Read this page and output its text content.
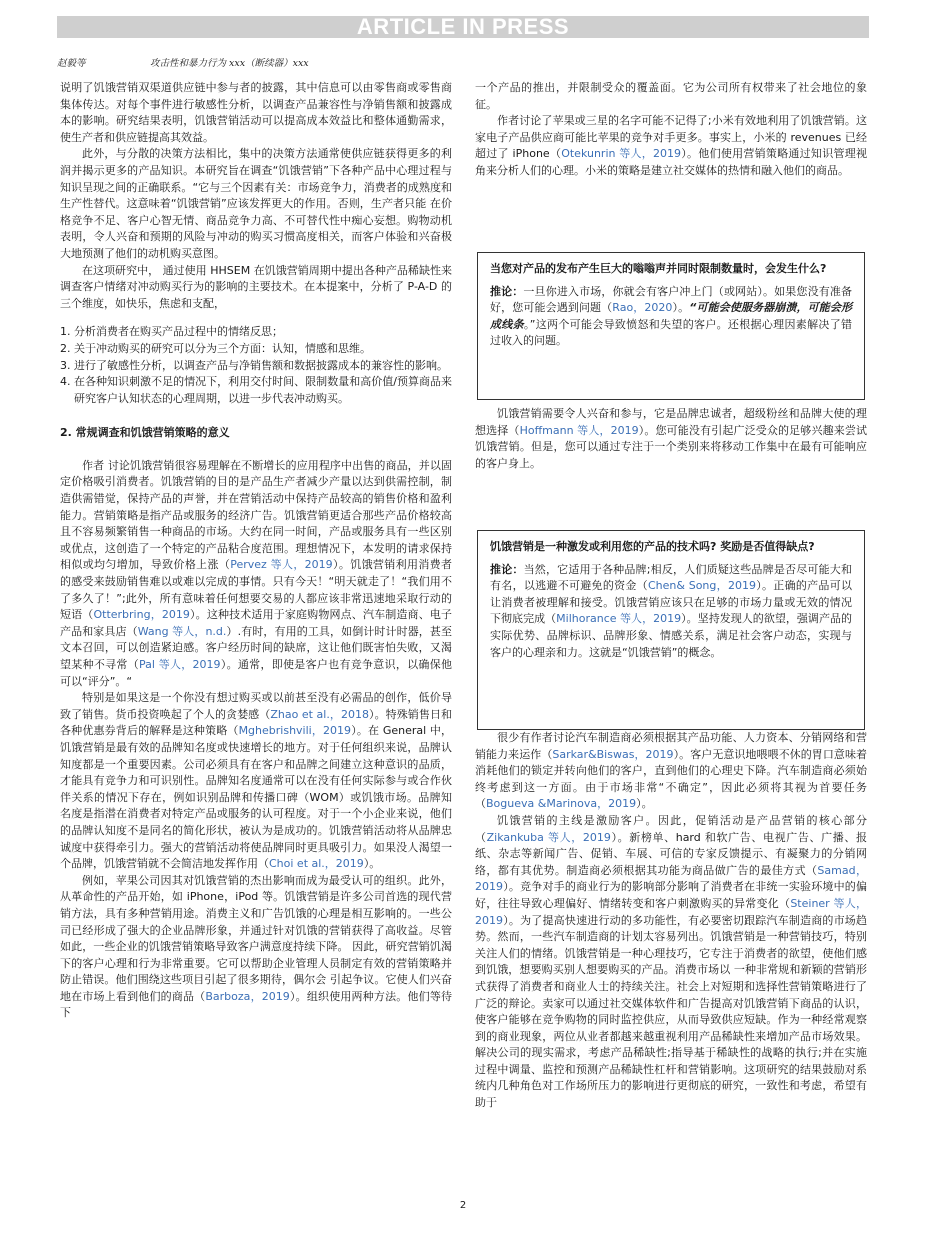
ARTICLE IN PRESS
赵毅等	攻击性和暴力行为 xxx（断续器）xxx

说明了饥饿营销双渠道供应链中参与者的披露，其中信息可以由零售商或零售商集体传达。对每个事件进行敏感性分析，以调查产品兼容性与净销售额和披露成本的影响。研究结果表明，饥饿营销活动可以提高成本效益比和整体通勤需求，使生产者和供应链提高其效益。

此外，与分散的决策方法相比，集中的决策方法通常使供应链获得更多的利润并揭示更多的产品知识。本研究旨在调查“饥饿营销”下各种产品中心理过程与知识呈现之间的正确联系。“它与三个因素有关：市场竞争力，消费者的成熟度和生产性替代。这意味着“饥饿营销”应该发挥更大的作用。否则，生产者只能 在价格竞争不足、客户心智无情、商品竞争力高、不可替代性中痴心妄想。购物动机表明，令人兴奋和预期的风险与冲动的购买习惯高度相关，而客户体验和兴奋极大地预测了他们的动机购买意图。

在这项研究中， 通过使用 HHSEM 在饥饿营销周期中提出各种产品稀缺性来调查客户情绪对冲动购买行为的影响的主要技术。在本提案中，分析了 P-A-D 的三个维度，如快乐，焦虑和支配，

1. 分析消费者在购买产品过程中的情绪反思；
2. 关于冲动购买的研究可以分为三个方面：认知，情感和思维。
3. 进行了敏感性分析，以调查产品与净销售额和数据披露成本的兼容性的影响。
4. 在各种知识刺激不足的情况下，利用交付时间、限制数量和高价值/预算商品来研究客户认知状态的心理周期，以进一步代表冲动购买。
2. 常规调查和饥饿营销策略的意义

作者 讨论饥饿营销很容易理解在不断增长的应用程序中出售的商品，并以固定价格吸引消费者。饥饿营销的目的是产品生产者减少产量以达到供需控制，制造供需错觉，保持产品的声誉，并在营销活动中保持产品较高的销售价格和盈利能力。营销策略是指产品或服务的经济广告。饥饿营销更适合那些产品价格较高且不容易频繁销售一种商品的市场。大约在同一时间，产品或服务具有一些区别或优点，这创造了一个特定的产品粘合度范围。理想情况下，本发明的请求保持相似或均匀增加，导致价格上涨（Pervez 等人，2019）。饥饿营销利用消费者的感受来鼓励销售难以或难以完成的事情。只有今天！“明天就走了！“我们用不了多久了！”;此外，所有意味着任何想要交易的人都应该非常迅速地采取行动的短语（Otterbring，2019）。这种技术适用于家庭购物网点、汽车制造商、电子产品和家具店（Wang 等人，n.d.）.有时，有用的工具，如倒计时计时器，甚至文本召回，可以创造紧迫感。客户经历时间的缺席，这让他们既害怕失败，又渴望某种不寻常（Pal 等人，2019）。通常，即使是客户也有竞争意识，以确保他可以“评分”。“

特别是如果这是一个你没有想过购买或以前甚至没有必需品的创作，低价导致了销售。货币投资唤起了个人的贪婪感（Zhao et al.，2018）。特殊销售日和各种优惠券背后的解释是这种策略（Mghebrishvili，2019）。在 General 中，饥饿营销是最有效的品牌知名度或快速增长的地方。对于任何组织来说，品牌认知度都是一个重要因素。公司必须具有在客户和品牌之间建立这种意识的品质，才能具有竞争力和可识别性。品牌知名度通常可以在没有任何实际参与或合作伙伴关系的情况下存在，例如识别品牌和传播口碑（WOM）或饥饿市场。品牌知名度是指潜在消费者对特定产品或服务的认可程度。对于一个小企业来说，他们的品牌认知度不是同名的简化形状，被认为是成功的。饥饿营销活动将从品牌忠诚度中获得牵引力。强大的营销活动将使品牌同时更具吸引力。如果没人渴望一个品牌，饥饿营销就不会简洁地发挥作用（Choi et al.，2019）。

例如，苹果公司因其对饥饿营销的杰出影响而成为最受认可的组织。此外，从革命性的产品开始，如 iPhone，iPod 等。饥饿营销是许多公司首选的现代营销方法，具有多种营销用途。消费主义和广告饥饿的心理是相互影响的。一些公司已经形成了强大的企业品牌形象，并通过针对饥饿的营销获得了高收益。尽管如此，一些企业的饥饿营销策略导致客户满意度持续下降。 因此，研究营销饥渴下的客户心理和行为非常重要。它可以帮助企业管理人员制定有效的营销策略并防止错误。他们围绕这些项目引起了很多期待，偶尔会 引起争议。它使人们兴奋地在市场上看到他们的商品（Barboza，2019）。组织使用两种方法。他们等待下

一个产品的推出，并限制受众的覆盖面。它为公司所有权带来了社会地位的象征。

作者讨论了苹果或三星的名字可能不记得了;小米有效地利用了饥饿营销。这家电子产品供应商可能比苹果的竞争对手更多。事实上，小米的 revenues 已经超过了 iPhone（Otekunrin 等人，2019）。他们使用营销策略通过知识管理视角来分析人们的心理。小米的策略是建立社交媒体的热情和融入他们的商品。

当您对产品的发布产生巨大的嗡嗡声并同时限制数量时，会发生什么?
推论：一旦你进入市场，你就会有客户冲上门（或网站）。如果您没有准备好，您可能会遇到问题（Rao，2020）。“可能会使服务器崩溃，可能会形成线条。”这两个可能会导致愤怒和失望的客户。还根据心理因素解决了错过收入的问题。

饥饿营销需要令人兴奋和参与，它是品牌忠诚者，超级粉丝和品牌大使的理想选择（Hoffmann 等人，2019）。您可能没有引起广泛受众的足够兴趣来尝试饥饿营销。但是，您可以通过专注于一个类别来将移动工作集中在最有可能响应的客户身上。

饥饿营销是一种激发或利用您的产品的技术吗? 奖励是否值得缺点?
推论：当然，它适用于各种品牌;相反，人们质疑这些品牌是否尽可能大和有名，以逃避不可避免的资金（Chen& Song，2019）。正确的产品可以让消费者被理解和接受。饥饿营销应该只在足够的市场力量或无效的情况下彻底完成（Milhorance 等人，2019）。坚持发现人的欲望，强调产品的实际优势、品牌标识、品牌形象、情感关系，满足社会客户动态，实现与客户的心理亲和力。这就是“饥饿营销”的概念。

很少有作者讨论汽车制造商必须根据其产品功能、人力资本、分销网络和营销能力来运作（Sarkar&Biswas，2019）。客户无意识地喂喂不休的胃口意味着消耗他们的锁定并转向他们的客户，直到他们的心理史下降。汽车制造商必须始终考虑到这一方面。由于市场非常“不确定”，因此必须将其视为首要任务（Bogueva &Marinova，2019）。

饥饿营销的主线是激励客户。因此，促销活动是产品营销的核心部分（Zikankuba 等人，2019）。新榜单、hard 和软广告、电视广告、广播、报纸、杂志等新闻广告、促销、车展、可信的专家反馈提示、有凝聚力的分销网络，都有其优势。制造商必须根据其功能为商品做广告的最佳方式（Samad，2019）。竞争对手的商业行为的影响部分影响了消费者在非统一实验环境中的偏好，往往导致心理偏好、情绪转变和客户刺激购买的异常变化（Steiner 等人，2019）。为了提高快速进行动的多功能性，有必要密切跟踪汽车制造商的市场趋势。然而，一些汽车制造商的计划太容易列出。饥饿营销是一种营销技巧，特别关注人们的情绪。饥饿营销是一种心理技巧，它专注于消费者的欲望，使他们感到饥饿，想要购买别人想要购买的产品。消费市场以 一种非常规和新颖的营销形式获得了消费者和商业人士的持续关注。社会上对短期和选择性营销策略进行了广泛的辩论。卖家可以通过社交媒体软件和广告提高对饥饿营销下商品的认识，使客户能够在竞争购物的同时监控供应，从而导致供应短缺。作为一种经常观察到的商业现象，两位从业者都越来越重视利用产品稀缺性来增加产品市场效果。解决公司的现实需求，考虑产品稀缺性;指导基于稀缺性的战略的执行;并在实施过程中调量、监控和预测产品稀缺性杠杆和营销影响。这项研究的结果鼓励对系统内几种角色对工作场所压力的影响进行更彻底的研究，一致性和考虑，希望有助于

2
